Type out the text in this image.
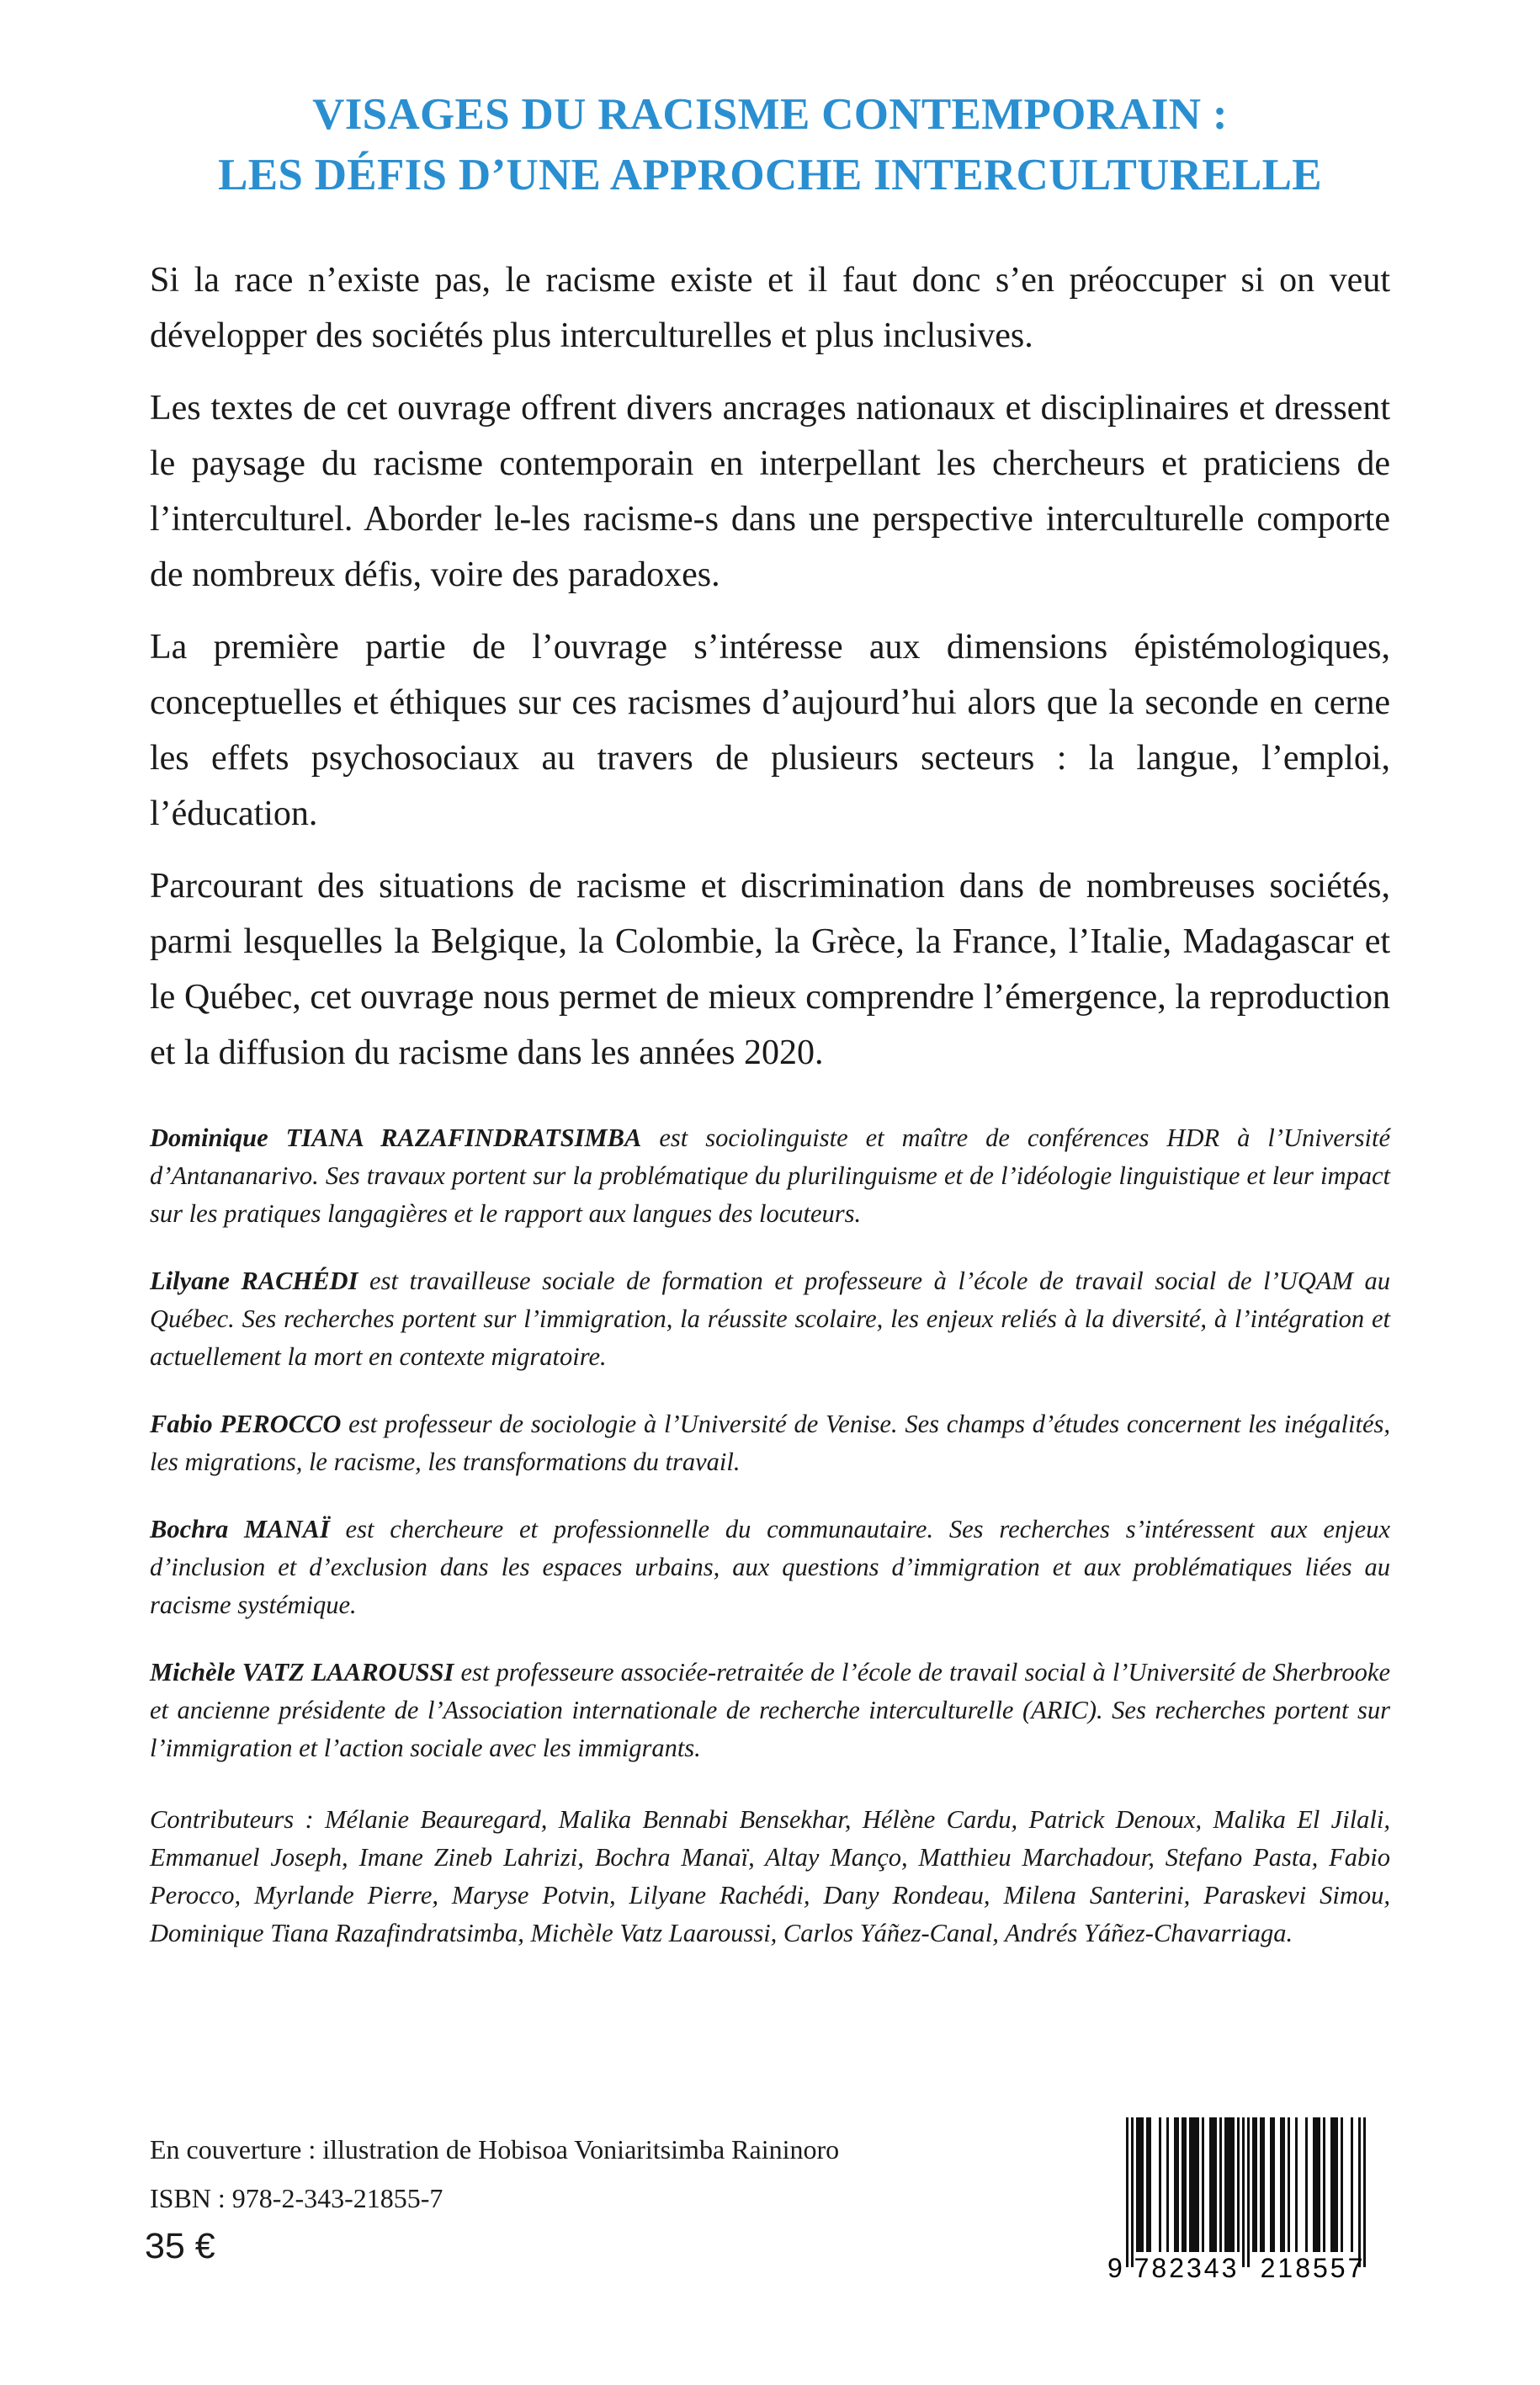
VISAGES DU RACISME CONTEMPORAIN :
LES DÉFIS D’UNE APPROCHE INTERCULTURELLE

Si la race n’existe pas, le racisme existe et il faut donc s’en préoccuper si on veut développer des sociétés plus interculturelles et plus inclusives.

Les textes de cet ouvrage offrent divers ancrages nationaux et disciplinaires et dressent le paysage du racisme contemporain en interpellant les chercheurs et praticiens de l’interculturel. Aborder le-les racisme-s dans une perspective interculturelle comporte de nombreux défis, voire des paradoxes.

La première partie de l’ouvrage s’intéresse aux dimensions épistémologiques, conceptuelles et éthiques sur ces racismes d’aujourd’hui alors que la seconde en cerne les effets psychosociaux au travers de plusieurs secteurs : la langue, l’emploi, l’éducation.

Parcourant des situations de racisme et discrimination dans de nombreuses sociétés, parmi lesquelles la Belgique, la Colombie, la Grèce, la France, l’Italie, Madagascar et le Québec, cet ouvrage nous permet de mieux comprendre l’émergence, la reproduction et la diffusion du racisme dans les années 2020.

Dominique TIANA RAZAFINDRATSIMBA est sociolinguiste et maître de conférences HDR à l’Université d’Antananarivo. Ses travaux portent sur la problématique du plurilinguisme et de l’idéologie linguistique et leur impact sur les pratiques langagières et le rapport aux langues des locuteurs.

Lilyane RACHÉDI est travailleuse sociale de formation et professeure à l’école de travail social de l’UQAM au Québec. Ses recherches portent sur l’immigration, la réussite scolaire, les enjeux reliés à la diversité, à l’intégration et actuellement la mort en contexte migratoire.

Fabio PEROCCO est professeur de sociologie à l’Université de Venise. Ses champs d’études concernent les inégalités, les migrations, le racisme, les transformations du travail.

Bochra MANAÏ est chercheure et professionnelle du communautaire. Ses recherches s’intéressent aux enjeux d’inclusion et d’exclusion dans les espaces urbains, aux questions d’immigration et aux problématiques liées au racisme systémique.

Michèle VATZ LAAROUSSI est professeure associée-retraitée de l’école de travail social à l’Université de Sherbrooke et ancienne présidente de l’Association internationale de recherche interculturelle (ARIC). Ses recherches portent sur l’immigration et l’action sociale avec les immigrants.

Contributeurs : Mélanie Beauregard, Malika Bennabi Bensekhar, Hélène Cardu, Patrick Denoux, Malika El Jilali, Emmanuel Joseph, Imane Zineb Lahrizi, Bochra Manaï, Altay Manço, Matthieu Marchadour, Stefano Pasta, Fabio Perocco, Myrlande Pierre, Maryse Potvin, Lilyane Rachédi, Dany Rondeau, Milena Santerini, Paraskevi Simou, Dominique Tiana Razafindratsimba, Michèle Vatz Laaroussi, Carlos Yáñez-Canal, Andrés Yáñez-Chavarriaga.

En couverture : illustration de Hobisoa Voniaritsimba Raininoro
ISBN : 978-2-343-21855-7
35 €
9 782343 218557
